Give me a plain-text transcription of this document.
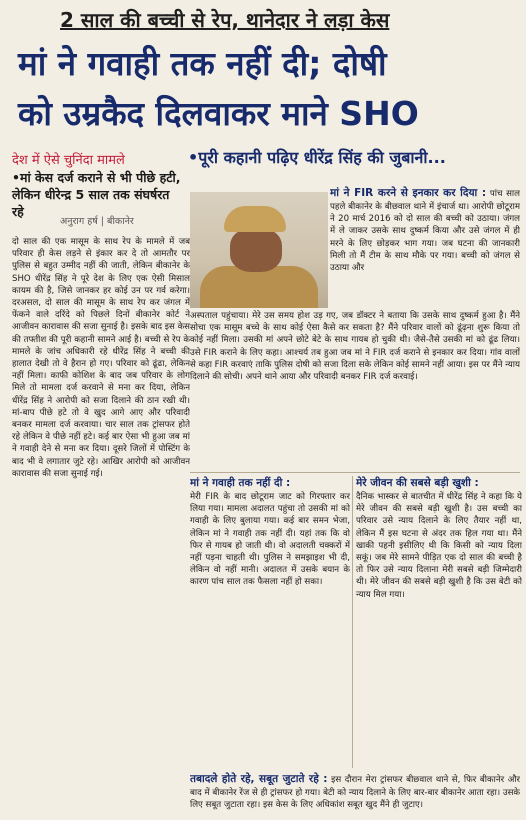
2 साल की बच्ची से रेप, थानेदार ने लड़ा केस
मां ने गवाही तक नहीं दी; दोषी
को उम्रकैद दिलवाकर माने SHO
देश में ऐसे चुनिंदा मामले
•मां केस दर्ज कराने से भी पीछे हटी, लेकिन धीरेन्द्र 5 साल तक संघर्षरत रहे
अनुराग हर्ष | बीकानेर
•पूरी कहानी पढ़िए धीरेंद्र सिंह की जुबानी...
मां ने FIR करने से इनकार कर दिया : पांच साल पहले बीकानेर के बीछवाल थाने में इंचार्ज था। आरोपी छोटूराम ने 20 मार्च 2016 को दो साल की बच्ची को उठाया। जंगल में ले जाकर उसके साथ दुष्कर्म किया और उसे जंगल में ही मरने के लिए छोड़कर भाग गया। जब घटना की जानकारी मिली तो मैं टीम के साथ मौके पर गया। बच्ची को जंगल से उठाया और
दो साल की एक मासूम के साथ रेप के मामले में जब परिवार ही केस लड़ने से इंकार कर दे तो आमतौर पर पुलिस से बहुत उम्मीद नहीं की जाती, लेकिन बीकानेर के SHO धीरेंद्र सिंह ने पूरे देश के लिए एक ऐसी मिसाल कायम की है, जिसे जानकर हर कोई उन पर गर्व करेगा। दरअसल, दो साल की मासूम के साथ रेप कर जंगल में फेंकने वाले दरिंदे को पिछले दिनों बीकानेर कोर्ट ने आजीवन कारावास की सजा सुनाई है। इसके बाद इस केस की तफ्तीश की पूरी कहानी सामने आई है। बच्ची से रेप के मामले के जांच अधिकारी रहे धीरेंद्र सिंह ने बच्ची की हालात देखी तो वे हैरान हो गए। परिवार को ढूंढा, लेकिन नहीं मिला। काफी कोशिश के बाद जब परिवार के लोग मिले तो मामला दर्ज करवाने से मना कर दिया, लेकिन धीरेंद्र सिंह ने आरोपी को सजा दिलाने की ठान रखी थी। मां-बाप पीछे हटे तो वे खुद आगे आए और परिवादी बनकर मामला दर्ज करवाया। चार साल तक ट्रांसफर होते रहे लेकिन वे पीछे नहीं हटे। कई बार ऐसा भी हुआ जब मां ने गवाही देने से मना कर दिया। दूसरे जिलों में पोस्टिंग के बाद भी वे लगातार जुटे रहे। आखिर आरोपी को आजीवन कारावास की सजा सुनाई गई।
अस्पताल पहुंचाया। मेरे उस समय होश उड़ गए, जब डॉक्टर ने बताया कि उसके साथ दुष्कर्म हुआ है। मैंने सोचा एक मासूम बच्चे के साथ कोई ऐसा कैसे कर सकता है? मैंने परिवार वालों को ढूंढ़ना शुरू किया तो कोई नहीं मिला। उसकी मां अपने छोटे बेटे के साथ गायब हो चुकी थी। जैसे-तैसे उसकी मां को ढूंढ लिया। उसे FIR कराने के लिए कहा। आश्चर्य तब हुआ जब मां ने FIR दर्ज कराने से इनकार कर दिया। गांव वालों से कहा FIR करवाएं ताकि पुलिस दोषी को सजा दिला सके लेकिन कोई सामने नहीं आया। इस पर मैंने न्याय दिलाने की सोची। अपने थाने आया और परिवादी बनकर FIR दर्ज करवाई।
मां ने गवाही तक नहीं दी :
मेरी FIR के बाद छोटूराम जाट को गिरफ्तार कर लिया गया। मामला अदालत पहुंचा तो उसकी मां को गवाही के लिए बुलाया गया। कई बार समन भेजा, लेकिन मां ने गवाही तक नहीं दी। यहां तक कि वो फिर से गायब हो जाती थी। वो अदालती चक्करों में नहीं पड़ना चाहती थी। पुलिस ने समझाइश भी दी, लेकिन वो नहीं मानी। अदालत में उसके बयान के कारण पांच साल तक फैसला नहीं हो सका।
मेरे जीवन की सबसे बड़ी खुशी :
दैनिक भास्कर से बातचीत में धीरेंद्र सिंह ने कहा कि ये मेरे जीवन की सबसे बड़ी खुशी है। उस बच्ची का परिवार उसे न्याय दिलाने के लिए तैयार नहीं था, लेकिन मैं इस घटना से अंदर तक हिल गया था। मैंने खाकी पहनी इसीलिए थी कि किसी को न्याय दिला सकूं। जब मेरे सामने पीड़ित एक दो साल की बच्ची है तो फिर उसे न्याय दिलाना मेरी सबसे बड़ी जिम्मेदारी थी। मेरे जीवन की सबसे बड़ी खुशी है कि उस बेटी को न्याय मिल गया।
तबादले होते रहे, सबूत जुटाते रहे : इस दौरान मेरा ट्रांसफर बीछवाल थाने से, फिर बीकानेर और बाद में बीकानेर रेंज से ही ट्रांसफर हो गया। बेटी को न्याय दिलाने के लिए बार-बार बीकानेर आता रहा। उसके लिए सबूत जुटाता रहा। इस केस के लिए अधिकांश सबूत खुद मैंने ही जुटाए।
